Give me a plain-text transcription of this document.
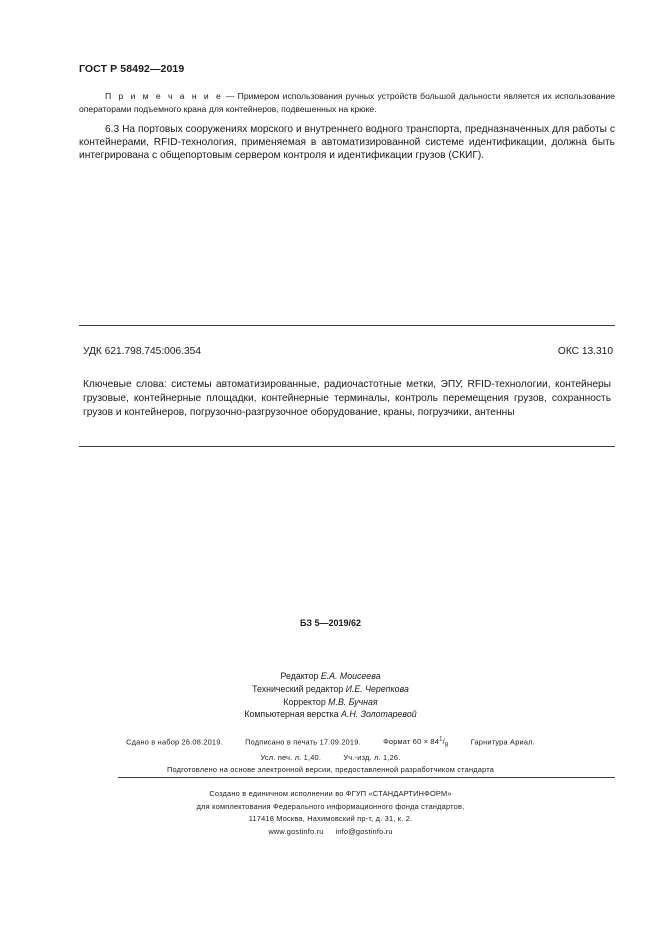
ГОСТ Р 58492—2019
П р и м е ч а н и е — Примером использования ручных устройств большой дальности является их использование операторами подъемного крана для контейнеров, подвешенных на крюке.
6.3 На портовых сооружениях морского и внутреннего водного транспорта, предназначенных для работы с контейнерами, RFID-технология, применяемая в автоматизированной системе идентификации, должна быть интегрирована с общепортовым сервером контроля и идентификации грузов (СКИГ).
УДК 621.798.745:006.354	ОКС 13.310
Ключевые слова: системы автоматизированные, радиочастотные метки, ЭПУ, RFID-технологии, контейнеры грузовые, контейнерные площадки, контейнерные терминалы, контроль перемещения грузов, сохранность грузов и контейнеров, погрузочно-разгрузочное оборудование, краны, погрузчики, антенны
БЗ 5—2019/62
Редактор Е.А. Моисеева
Технический редактор И.Е. Черепкова
Корректор М.В. Бучная
Компьютерная верстка А.Н. Золотаревой
Сдано в набор 26.08.2019.	Подписано в печать 17.09.2019.	Формат $60 \times 84^1/_8$	Гарнитура Ариал.
Усл. печ. л. 1,40.	Уч.-изд. л. 1,26.
Подготовлено на основе электронной версии, предоставленной разработчиком стандарта
Создано в единичном исполнении во ФГУП «СТАНДАРТИНФОРМ»
для комплектования Федерального информационного фонда стандартов,
117418 Москва, Нахимовский пр-т, д. 31, к. 2.
www.gostinfo.ru info@gostinfo.ru
